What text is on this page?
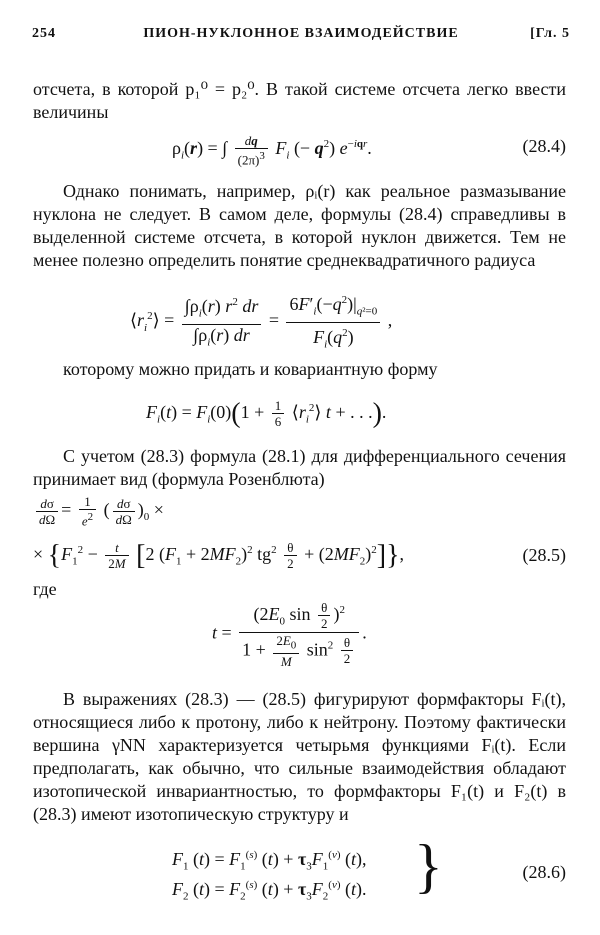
254	ПИОН-НУКЛОННОЕ ВЗАИМОДЕЙСТВИЕ	[Гл. 5
отсчета, в которой p₁⁰ = p₂⁰. В такой системе отсчета легко ввести величины
$\rho_i(r)$ = ∫ $\frac{dq}{(2\pi)^3} F_i$ (− $q^2$) $e^{-iqr}$.	(28.4)
Однако понимать, например, ρᵢ(r) как реальное размазывание нуклона не следует. В самом деле, формулы (28.4) справедливы в выделенной системе отсчета, в которой нуклон движется. Тем не менее полезно определить понятие среднеквадратичного радиуса
$⟨r_i^2⟩ = \frac{\int\rho_i(r) r^2 dr}{\int\rho_i(r) dr} = \frac{6F'_i(-q^2)|_{q^2=0}}{F_i(q^2)}$ ,
которому можно придать и ковариантную форму
$F_i(t) = F_i(0)(1 + \frac{1}{6}$ $⟨r_i^2⟩$ t + . . .).
С учетом (28.3) формула (28.1) для дифференциального сечения принимает вид (формула Розенблюта)
$\frac{d\sigma}{d\Omega} = \frac{1}{e^2}$ ( $\frac{d\sigma}{d\Omega} )_0$ ×
× {$F_1^2 - \frac{t}{2M} [2$ $(F_1 + 2MF_2)^2$ $tg^2 \frac{\theta}{2} + (2MF_2)^2$]},	(28.5)
где
$t = \frac{(2E_0 \sin \frac{\theta}{2} )^2}{1 + \frac{2E_0}{M} \sin^2 \frac{\theta}{2}}$ .
В выражениях (28.3) — (28.5) фигурируют формфакторы Fᵢ(t), относящиеся либо к протону, либо к нейтрону. Поэтому фактически вершина γNN характеризуется четырьмя функциями Fᵢ(t). Если предполагать, как обычно, что сильные взаимодействия обладают изотопической инвариантностью, то формфакторы F₁(t) и F₂(t) в (28.3) имеют изотопическую структуру и
$F_1$ $(t) = F_1^{(s)}$ $(t) + \tau_3F_1^{(v)}$ (t),
$F_2$ $(t) = F_2^{(s)}$ $(t) + \tau_3F_2^{(v)}$ (t). }	(28.6)
